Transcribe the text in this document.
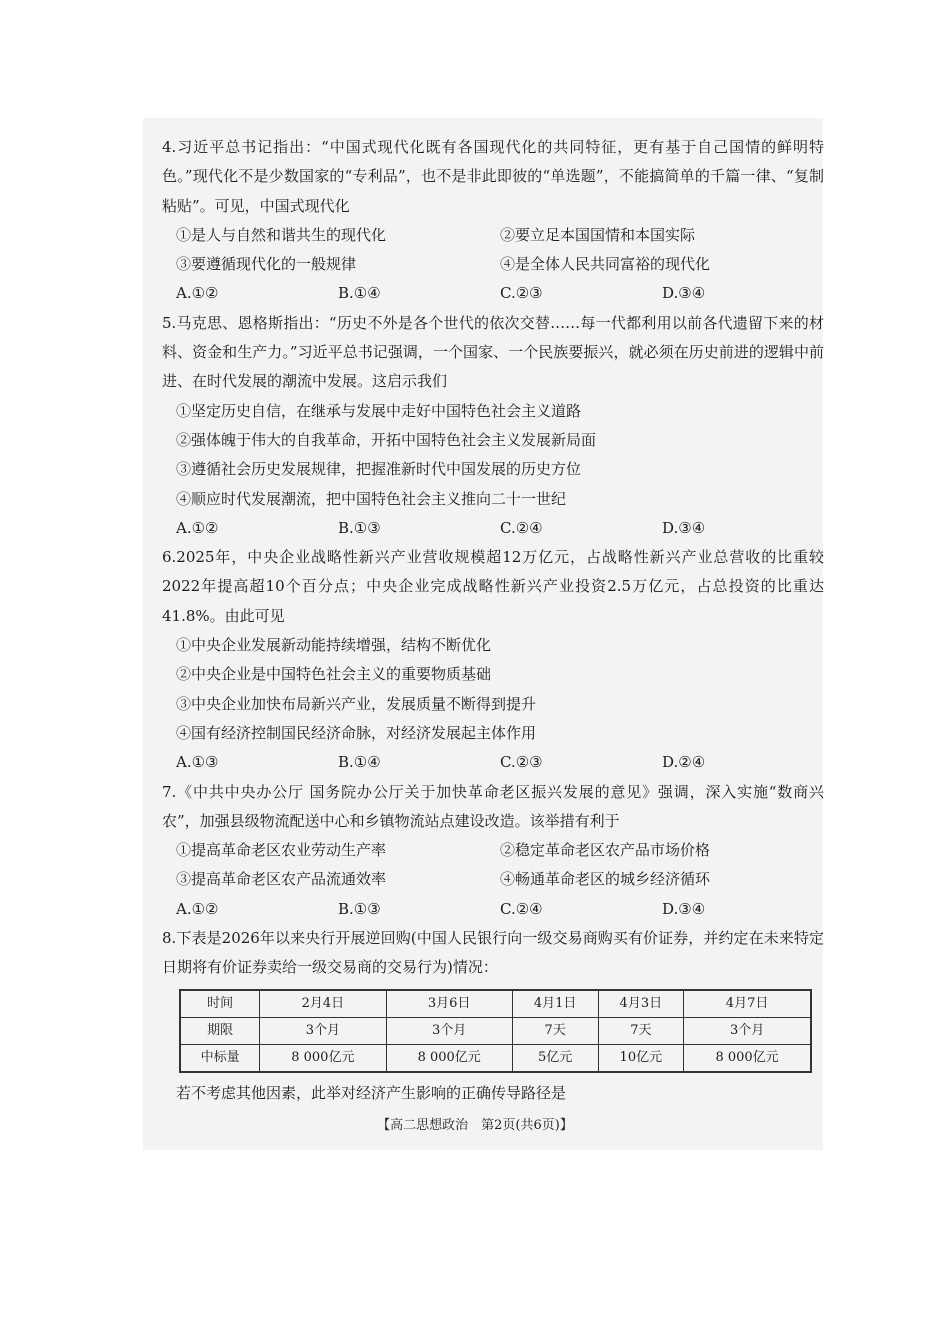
4.习近平总书记指出：“中国式现代化既有各国现代化的共同特征，更有基于自己国情的鲜明特色。”现代化不是少数国家的“专利品”，也不是非此即彼的“单选题”，不能搞简单的千篇一律、“复制粘贴”。可见，中国式现代化

①是人与自然和谐共生的现代化	②要立足本国国情和本国实际
③要遵循现代化的一般规律	④是全体人民共同富裕的现代化
A.①②	B.①④	C.②③	D.③④

5.马克思、恩格斯指出：“历史不外是各个世代的依次交替……每一代都利用以前各代遗留下来的材料、资金和生产力。”习近平总书记强调，一个国家、一个民族要振兴，就必须在历史前进的逻辑中前进、在时代发展的潮流中发展。这启示我们

①坚定历史自信，在继承与发展中走好中国特色社会主义道路
②强体魄于伟大的自我革命，开拓中国特色社会主义发展新局面
③遵循社会历史发展规律，把握准新时代中国发展的历史方位
④顺应时代发展潮流，把中国特色社会主义推向二十一世纪
A.①②	B.①③	C.②④	D.③④

6.2025年，中央企业战略性新兴产业营收规模超12万亿元，占战略性新兴产业总营收的比重较2022年提高超10个百分点；中央企业完成战略性新兴产业投资2.5万亿元，占总投资的比重达41.8%。由此可见

①中央企业发展新动能持续增强，结构不断优化
②中央企业是中国特色社会主义的重要物质基础
③中央企业加快布局新兴产业，发展质量不断得到提升
④国有经济控制国民经济命脉，对经济发展起主体作用
A.①③	B.①④	C.②③	D.②④

7.《中共中央办公厅 国务院办公厅关于加快革命老区振兴发展的意见》强调，深入实施“数商兴农”，加强县级物流配送中心和乡镇物流站点建设改造。该举措有利于

①提高革命老区农业劳动生产率	②稳定革命老区农产品市场价格
③提高革命老区农产品流通效率	④畅通革命老区的城乡经济循环
A.①②	B.①③	C.②④	D.③④

8.下表是2026年以来央行开展逆回购(中国人民银行向一级交易商购买有价证券，并约定在未来特定日期将有价证券卖给一级交易商的交易行为)情况：

时间	2月4日	3月6日	4月1日	4月3日	4月7日
期限	3个月	3个月	7天	7天	3个月
中标量	8 000亿元	8 000亿元	5亿元	10亿元	8 000亿元
若不考虑其他因素，此举对经济产生影响的正确传导路径是
【高二思想政治　第2页(共6页)】
